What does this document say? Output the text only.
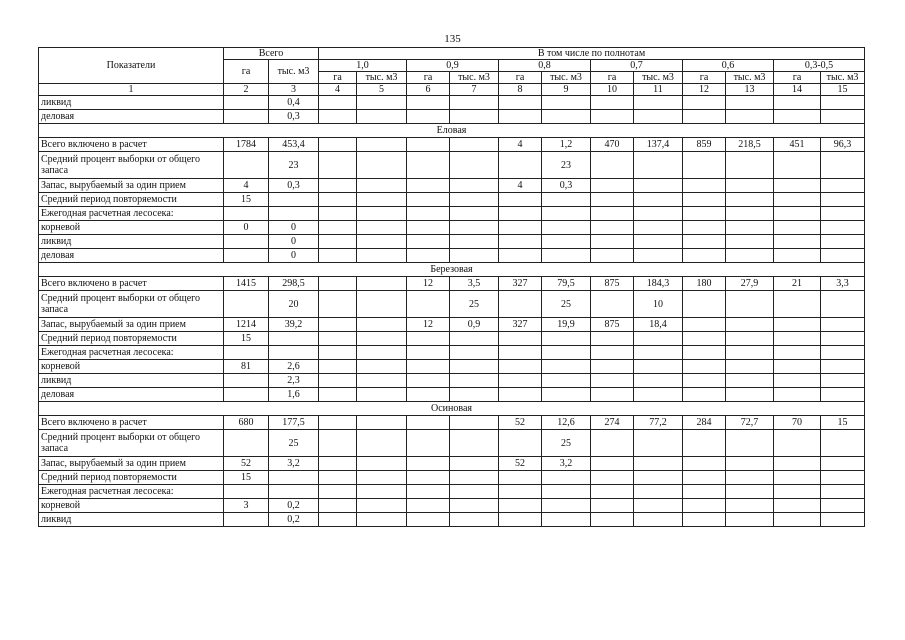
135
Показатели	Всего		В том числе по полнотам											
	га	тыс. м3	1,0		0,9		0,8		0,7		0,6		0,3-0,5	
			га	тыс. м3	га	тыс. м3	га	тыс. м3	га	тыс. м3	га	тыс. м3	га	тыс. м3
1	2	3	4	5	6	7	8	9	10	11	12	13	14	15
ликвид		0,4												
деловая		0,3												
Еловая														
Всего включено в расчет	1784	453,4					4	1,2	470	137,4	859	218,5	451	96,3
Средний процент выборки от общего запаса		23						23						
Запас, вырубаемый за один прием	4	0,3					4	0,3						
Средний период повторяемости	15													
Ежегодная расчетная лесосека:														
корневой	0	0												
ликвид		0												
деловая		0												
Березовая														
Всего включено в расчет	1415	298,5			12	3,5	327	79,5	875	184,3	180	27,9	21	3,3
Средний процент выборки от общего запаса		20				25		25		10				
Запас, вырубаемый за один прием	1214	39,2			12	0,9	327	19,9	875	18,4				
Средний период повторяемости	15													
Ежегодная расчетная лесосека:														
корневой	81	2,6												
ликвид		2,3												
деловая		1,6												
Осиновая														
Всего включено в расчет	680	177,5					52	12,6	274	77,2	284	72,7	70	15
Средний процент выборки от общего запаса		25						25						
Запас, вырубаемый за один прием	52	3,2					52	3,2						
Средний период повторяемости	15													
Ежегодная расчетная лесосека:														
корневой	3	0,2												
ликвид		0,2												
